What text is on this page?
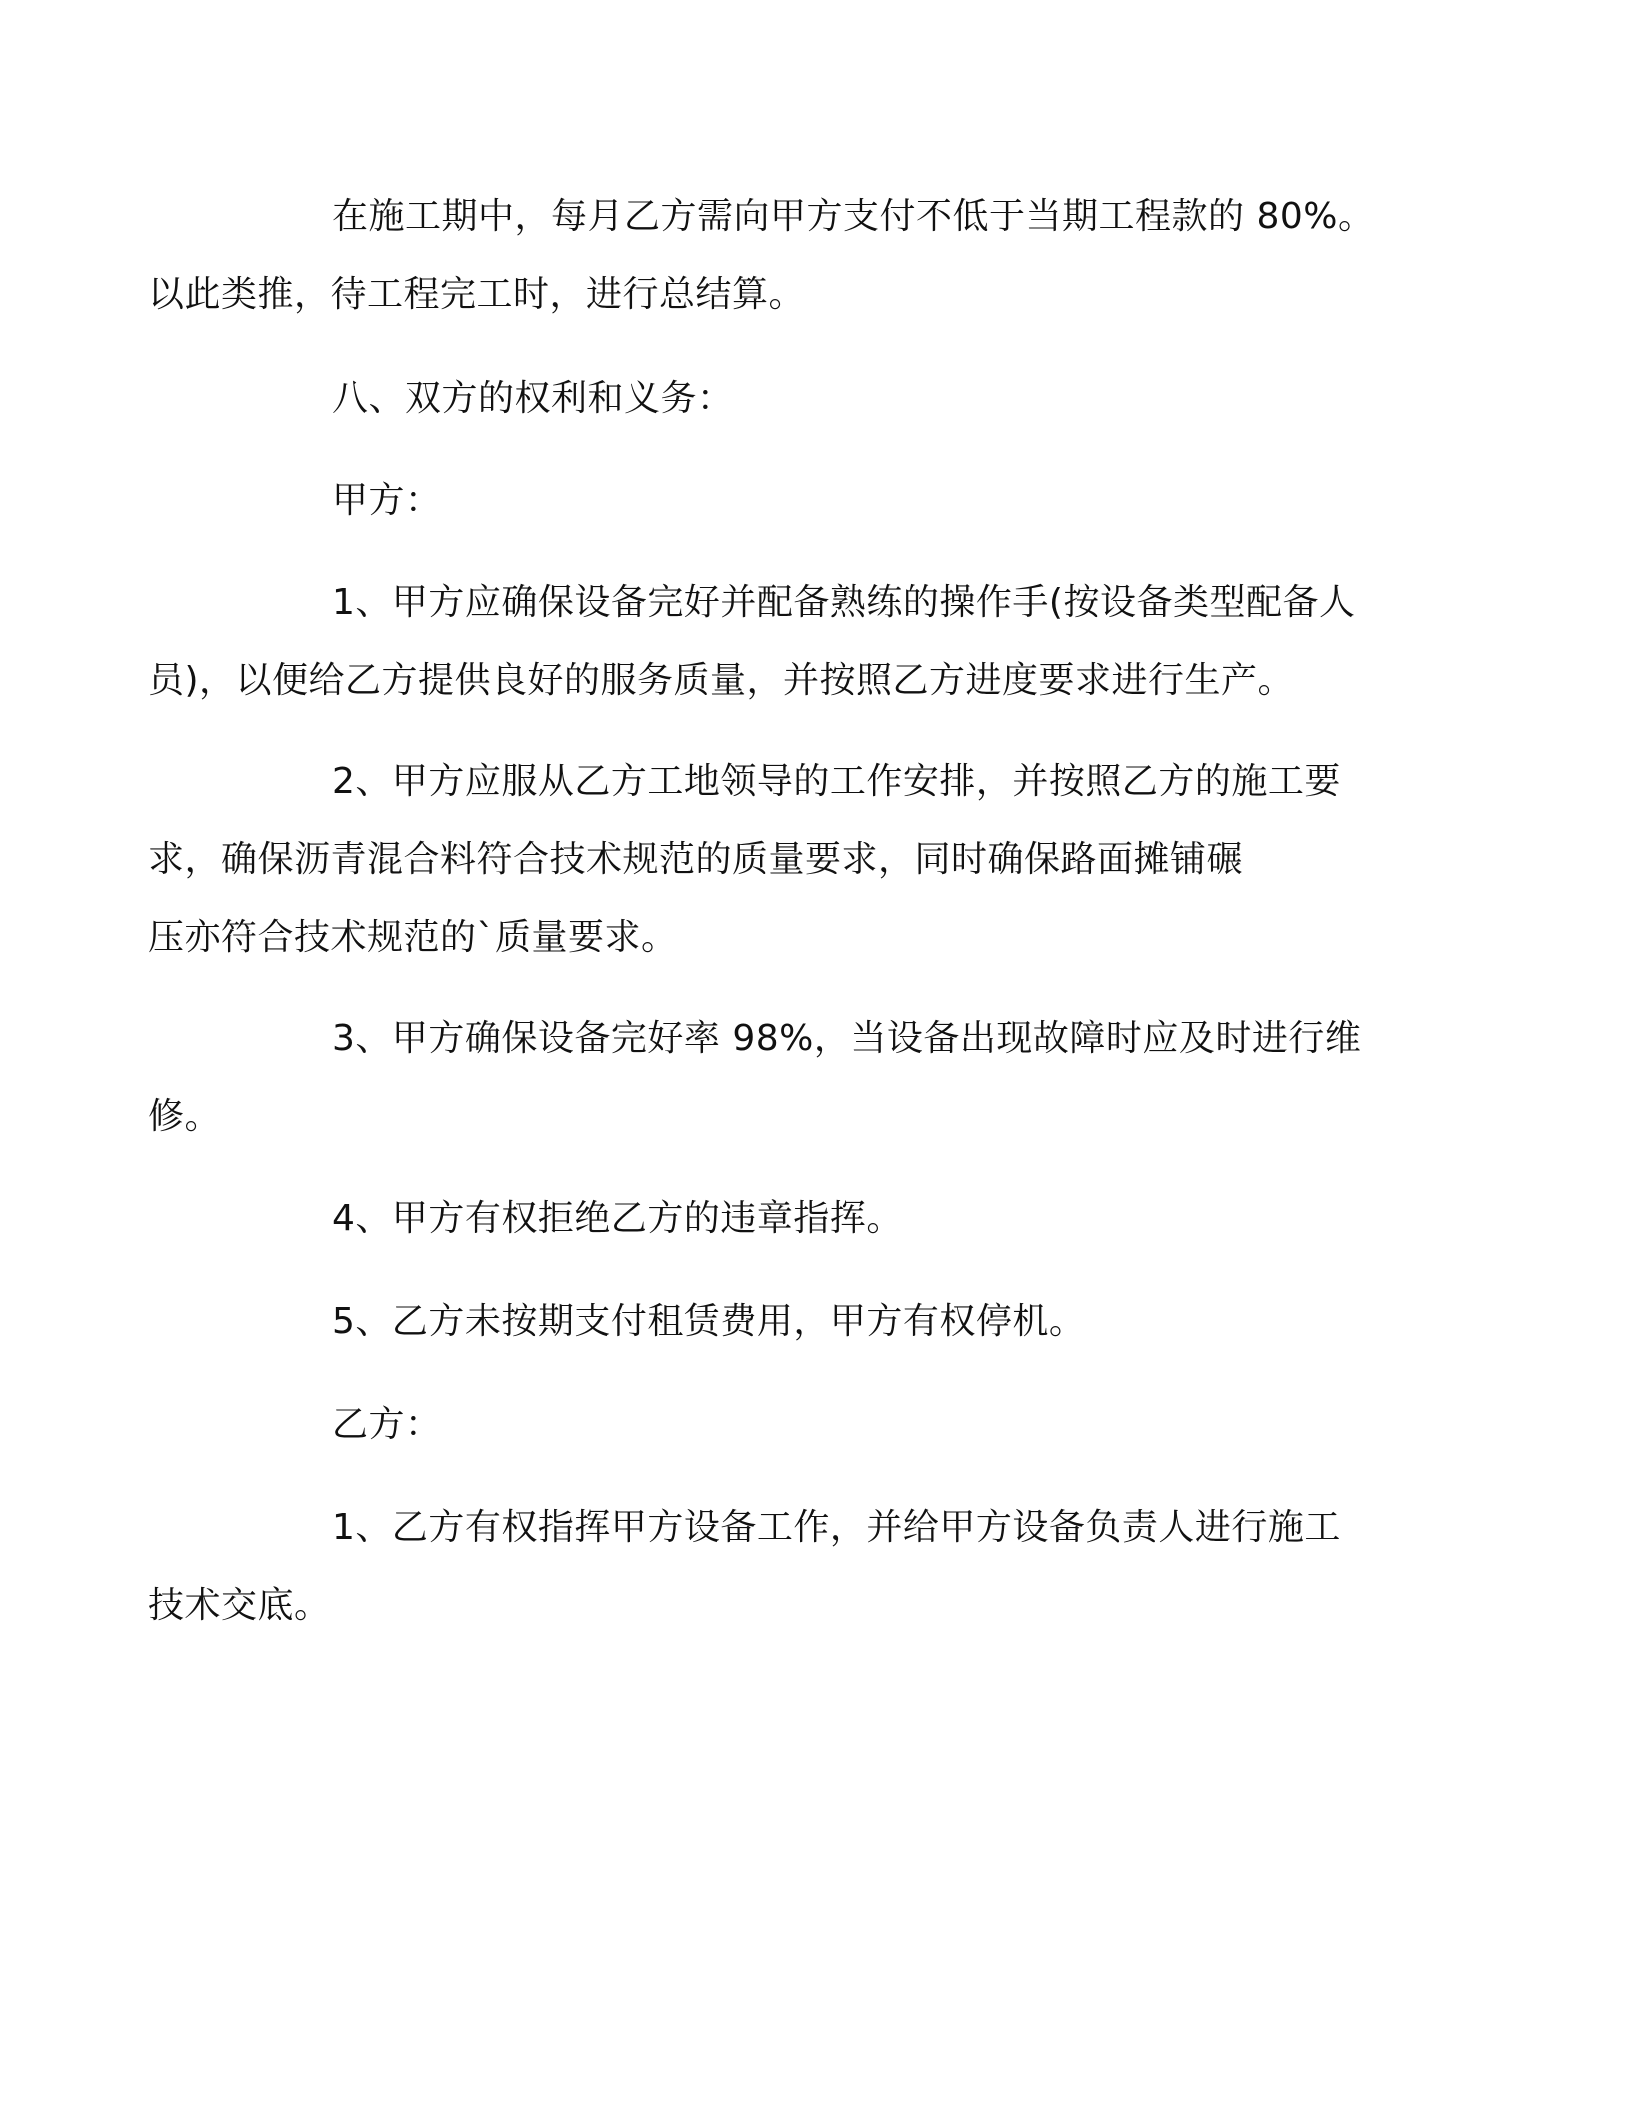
在施工期中，每月乙方需向甲方支付不低于当期工程款的 80%。
以此类推，待工程完工时，进行总结算。

八、双方的权利和义务：

甲方：

1、甲方应确保设备完好并配备熟练的操作手(按设备类型配备人
员)，以便给乙方提供良好的服务质量，并按照乙方进度要求进行生产。

2、甲方应服从乙方工地领导的工作安排，并按照乙方的施工要
求，确保沥青混合料符合技术规范的质量要求，同时确保路面摊铺碾
压亦符合技术规范的`质量要求。

3、甲方确保设备完好率 98%，当设备出现故障时应及时进行维
修。

4、甲方有权拒绝乙方的违章指挥。

5、乙方未按期支付租赁费用，甲方有权停机。

乙方：

1、乙方有权指挥甲方设备工作，并给甲方设备负责人进行施工
技术交底。
